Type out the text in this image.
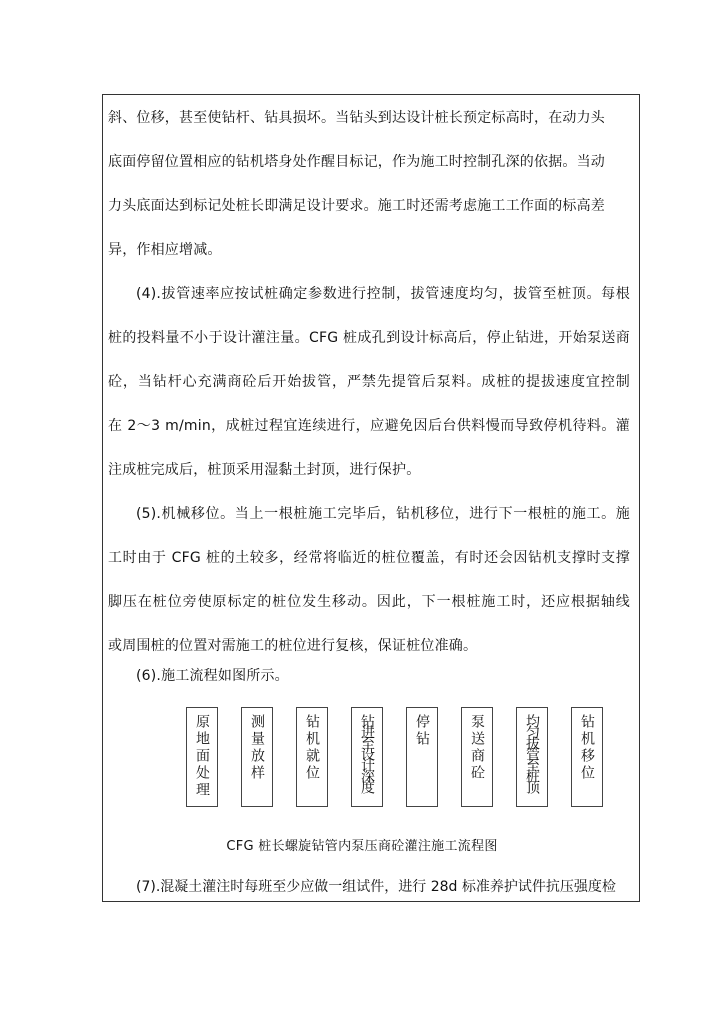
斜、位移，甚至使钻杆、钻具损坏。当钻头到达设计桩长预定标高时，在动力头
底面停留位置相应的钻机塔身处作醒目标记，作为施工时控制孔深的依据。当动
力头底面达到标记处桩长即满足设计要求。施工时还需考虑施工工作面的标高差
异，作相应增减。
(4).拔管速率应按试桩确定参数进行控制，拔管速度均匀，拔管至桩顶。每根
桩的投料量不小于设计灌注量。CFG 桩成孔到设计标高后，停止钻进，开始泵送商
砼，当钻杆心充满商砼后开始拔管，严禁先提管后泵料。成桩的提拔速度宜控制
在 2～3 m/min，成桩过程宜连续进行，应避免因后台供料慢而导致停机待料。灌
注成桩完成后，桩顶采用湿黏土封顶，进行保护。
(5).机械移位。当上一根桩施工完毕后，钻机移位，进行下一根桩的施工。施
工时由于 CFG 桩的土较多，经常将临近的桩位覆盖，有时还会因钻机支撑时支撑
脚压在桩位旁使原标定的桩位发生移动。因此，下一根桩施工时，还应根据轴线
或周围桩的位置对需施工的桩位进行复核，保证桩位准确。
(6).施工流程如图所示。
原地面处理	测量放样	钻机就位	钻进至设计深度	停钻	泵送商砼	均匀拔管至桩顶	钻机移位
CFG 桩长螺旋钻管内泵压商砼灌注施工流程图
(7).混凝土灌注时每班至少应做一组试件，进行 28d 标准养护试件抗压强度检
